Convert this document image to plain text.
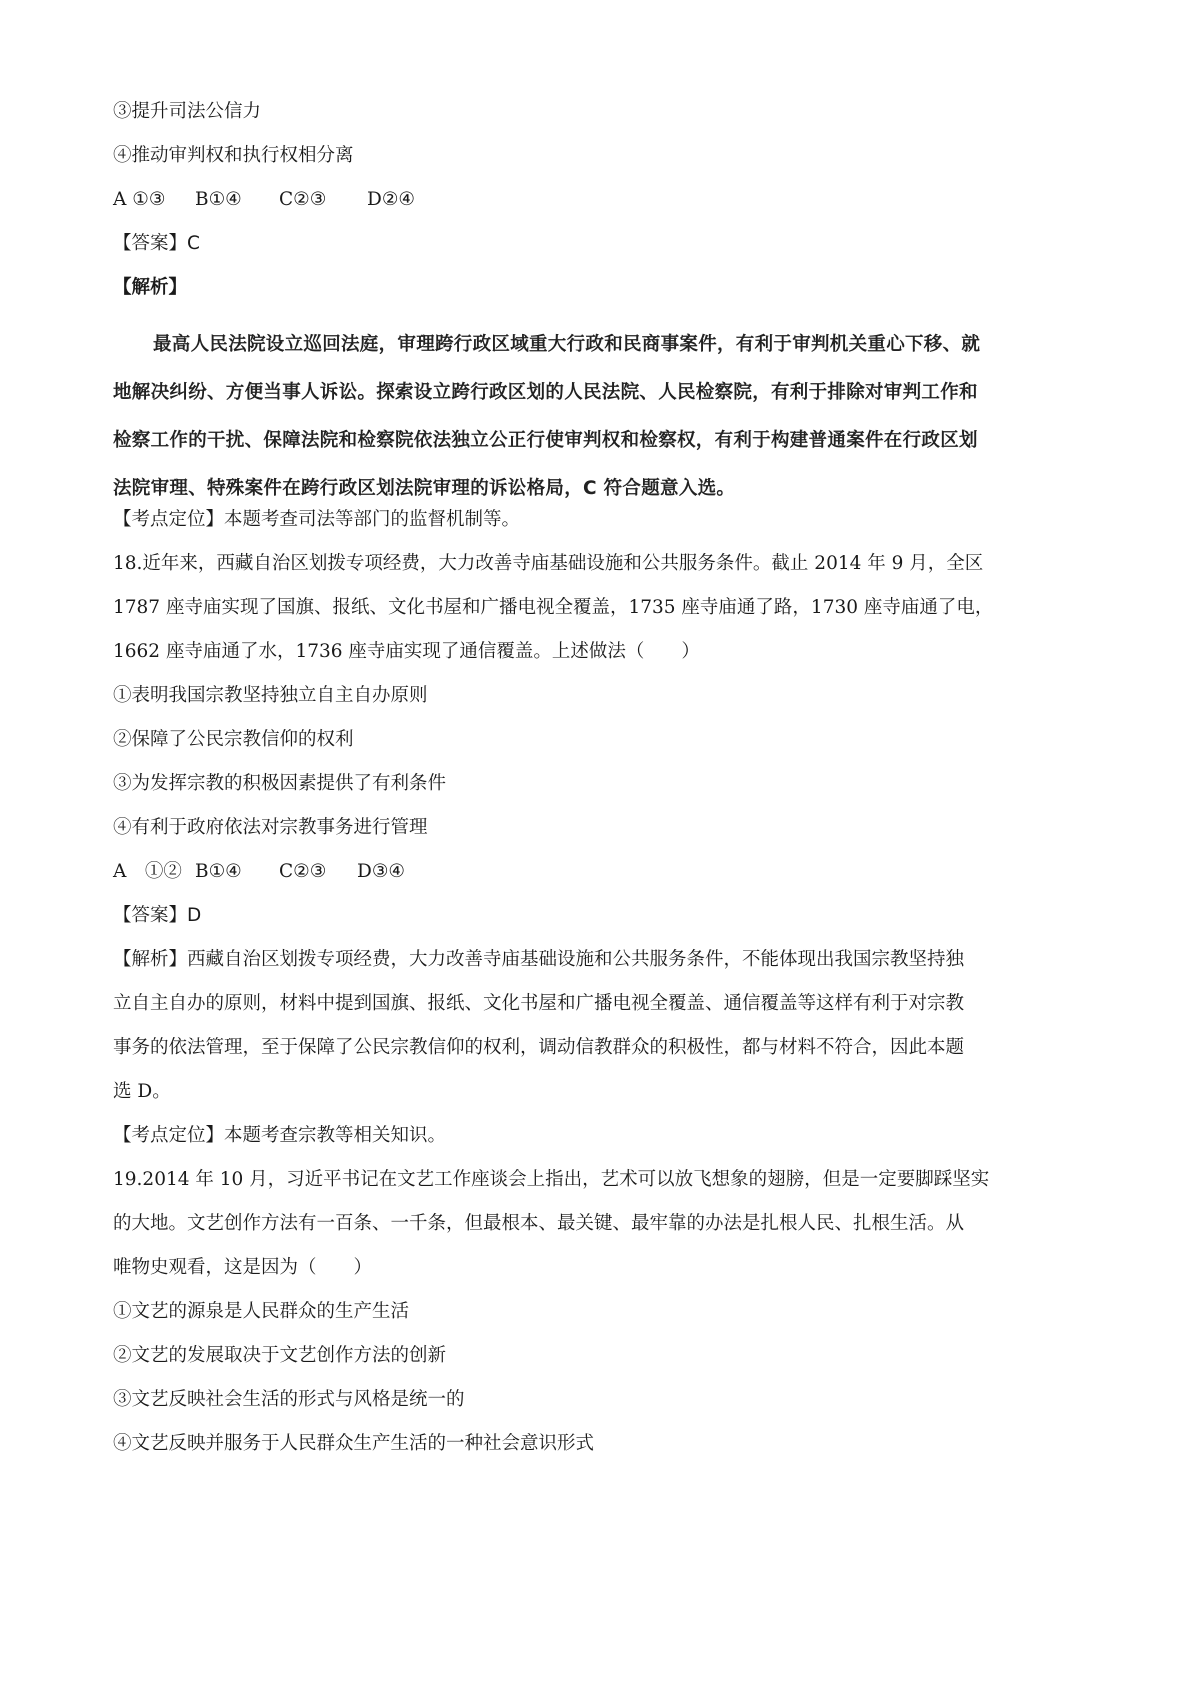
③提升司法公信力
④推动审判权和执行权相分离
A ①③ B①④ C②③ D②④
【答案】C
【解析】
最高人民法院设立巡回法庭，审理跨行政区域重大行政和民商事案件，有利于审判机关重心下移、就
地解决纠纷、方便当事人诉讼。探索设立跨行政区划的人民法院、人民检察院，有利于排除对审判工作和
检察工作的干扰、保障法院和检察院依法独立公正行使审判权和检察权，有利于构建普通案件在行政区划
法院审理、特殊案件在跨行政区划法院审理的诉讼格局，C 符合题意入选。
【考点定位】本题考查司法等部门的监督机制等。
18.近年来，西藏自治区划拨专项经费，大力改善寺庙基础设施和公共服务条件。截止 2014 年 9 月，全区
1787 座寺庙实现了国旗、报纸、文化书屋和广播电视全覆盖，1735 座寺庙通了路，1730 座寺庙通了电，
1662 座寺庙通了水，1736 座寺庙实现了通信覆盖。上述做法（　　）
①表明我国宗教坚持独立自主自办原则
②保障了公民宗教信仰的权利
③为发挥宗教的积极因素提供了有利条件
④有利于政府依法对宗教事务进行管理
A　①② B①④ C②③ D③④
【答案】D
【解析】西藏自治区划拨专项经费，大力改善寺庙基础设施和公共服务条件，不能体现出我国宗教坚持独
立自主自办的原则，材料中提到国旗、报纸、文化书屋和广播电视全覆盖、通信覆盖等这样有利于对宗教
事务的依法管理，至于保障了公民宗教信仰的权利，调动信教群众的积极性，都与材料不符合，因此本题
选 D。
【考点定位】本题考查宗教等相关知识。
19.2014 年 10 月，习近平书记在文艺工作座谈会上指出，艺术可以放飞想象的翅膀，但是一定要脚踩坚实
的大地。文艺创作方法有一百条、一千条，但最根本、最关键、最牢靠的办法是扎根人民、扎根生活。从
唯物史观看，这是因为（　　）
①文艺的源泉是人民群众的生产生活
②文艺的发展取决于文艺创作方法的创新
③文艺反映社会生活的形式与风格是统一的
④文艺反映并服务于人民群众生产生活的一种社会意识形式
